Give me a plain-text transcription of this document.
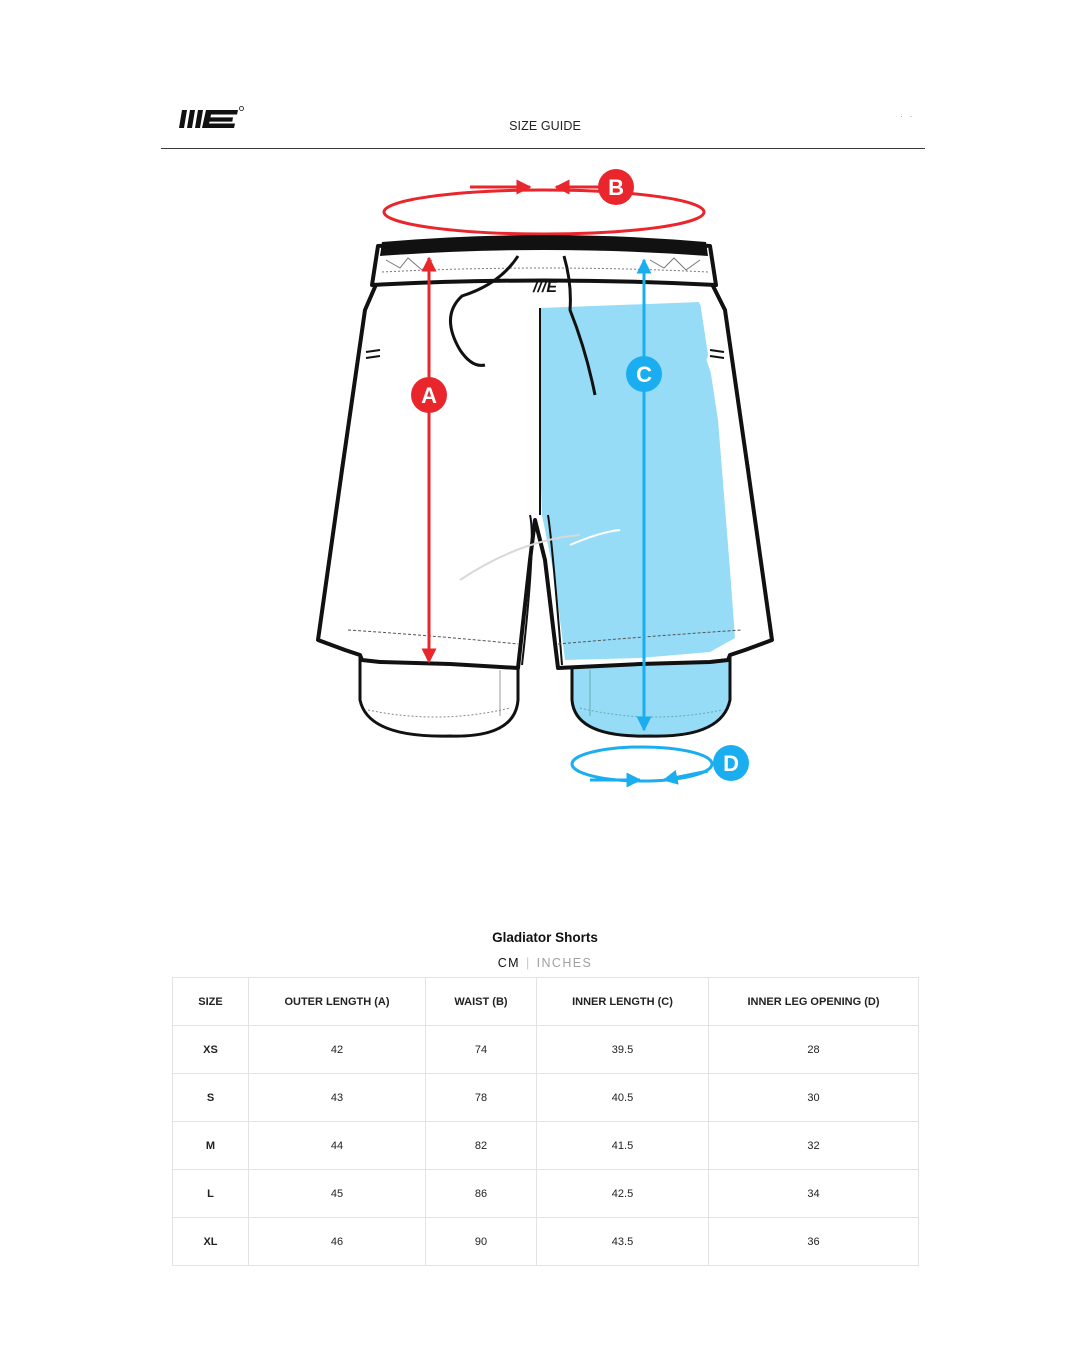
SIZE GUIDE
· ·
///E
B
A
C
D
Gladiator Shorts
CM | INCHES
SIZE	OUTER LENGTH (A)	WAIST (B)	INNER LENGTH (C)	INNER LEG OPENING (D)
XS	42	74	39.5	28
S	43	78	40.5	30
M	44	82	41.5	32
L	45	86	42.5	34
XL	46	90	43.5	36
